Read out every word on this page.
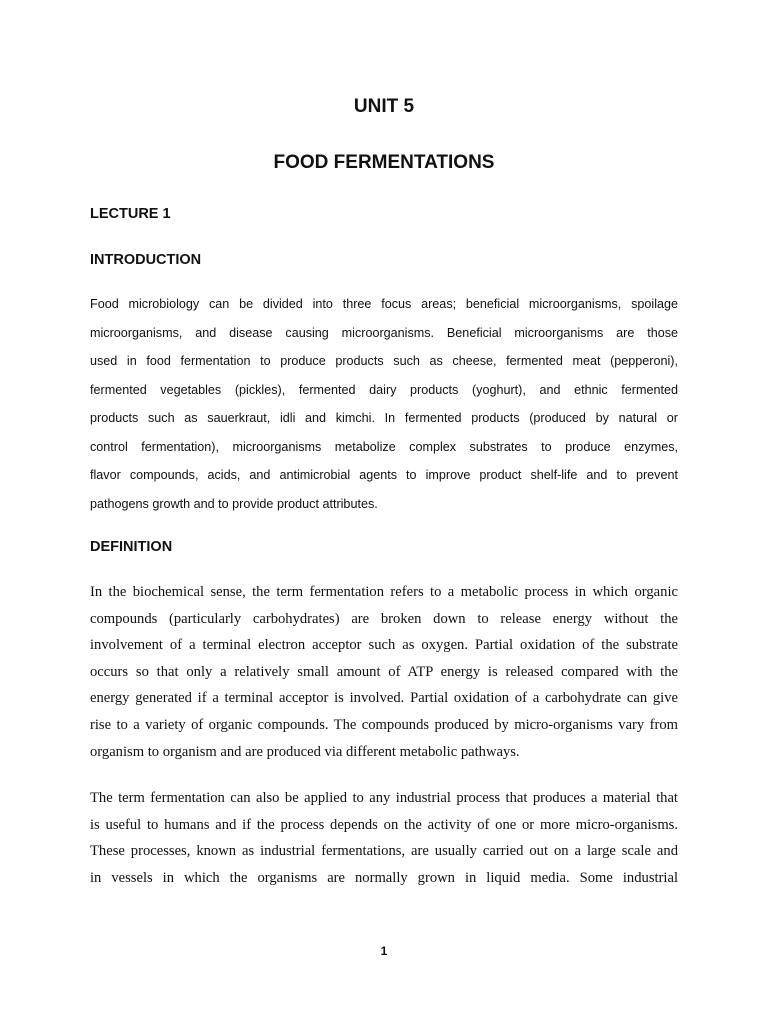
UNIT 5
FOOD FERMENTATIONS
LECTURE 1
INTRODUCTION

Food microbiology can be divided into three focus areas; beneficial microorganisms, spoilage
microorganisms, and disease causing microorganisms. Beneficial microorganisms are those
used in food fermentation to produce products such as cheese, fermented meat (pepperoni),
fermented vegetables (pickles), fermented dairy products (yoghurt), and ethnic fermented
products such as sauerkraut, idli and kimchi. In fermented products (produced by natural or
control fermentation), microorganisms metabolize complex substrates to produce enzymes,
flavor compounds, acids, and antimicrobial agents to improve product shelf-life and to prevent
pathogens growth and to provide product attributes.

DEFINITION

In the biochemical sense, the term fermentation refers to a metabolic process in which organic
compounds (particularly carbohydrates) are broken down to release energy without the
involvement of a terminal electron acceptor such as oxygen. Partial oxidation of the substrate
occurs so that only a relatively small amount of ATP energy is released compared with the
energy generated if a terminal acceptor is involved. Partial oxidation of a carbohydrate can give
rise to a variety of organic compounds. The compounds produced by micro-organisms vary from
organism to organism and are produced via different metabolic pathways.

The term fermentation can also be applied to any industrial process that produces a material that
is useful to humans and if the process depends on the activity of one or more micro-organisms.
These processes, known as industrial fermentations, are usually carried out on a large scale and
in vessels in which the organisms are normally grown in liquid media. Some industrial

1
